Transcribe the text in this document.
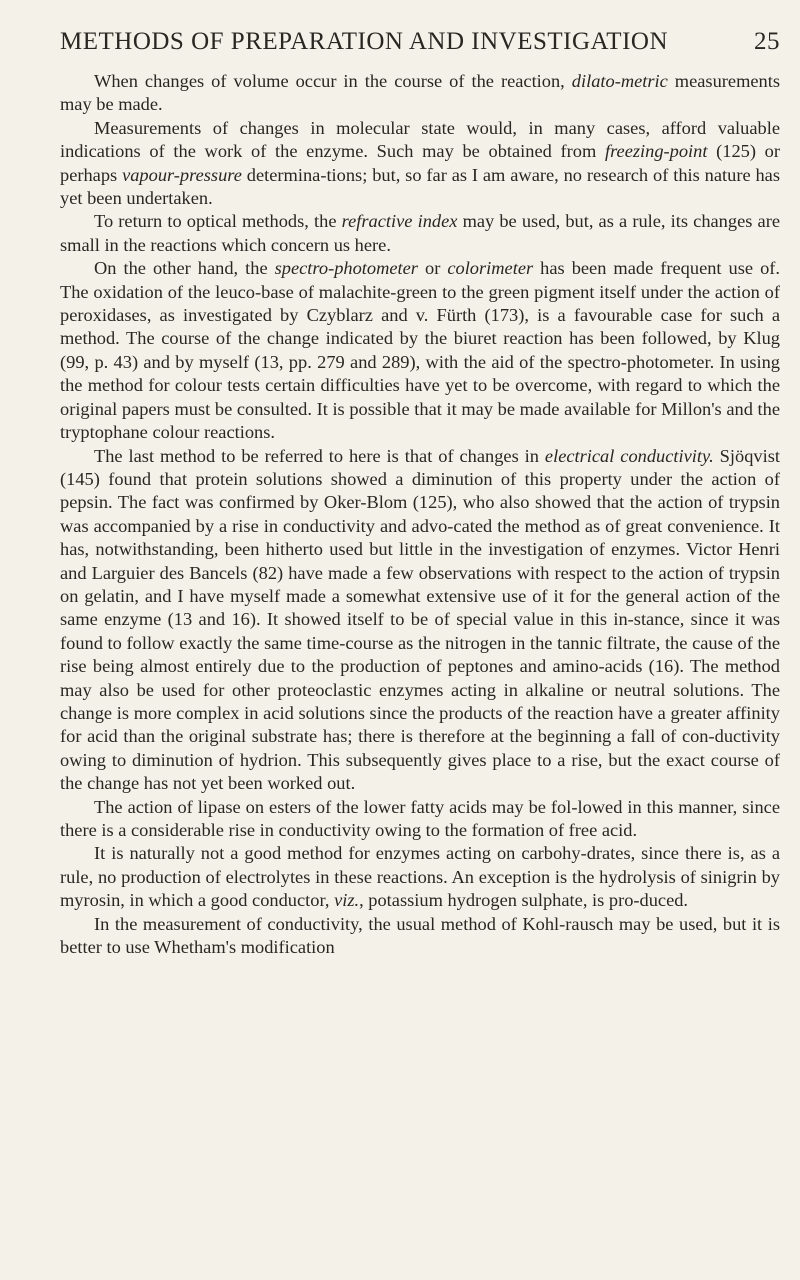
METHODS OF PREPARATION AND INVESTIGATION	25

When changes of volume occur in the course of the reaction, dilato-metric measurements may be made.

Measurements of changes in molecular state would, in many cases, afford valuable indications of the work of the enzyme. Such may be obtained from freezing-point (125) or perhaps vapour-pressure determina-tions; but, so far as I am aware, no research of this nature has yet been undertaken.

To return to optical methods, the refractive index may be used, but, as a rule, its changes are small in the reactions which concern us here.

On the other hand, the spectro-photometer or colorimeter has been made frequent use of. The oxidation of the leuco-base of malachite-green to the green pigment itself under the action of peroxidases, as investigated by Czyblarz and v. Fürth (173), is a favourable case for such a method. The course of the change indicated by the biuret reaction has been followed, by Klug (99, p. 43) and by myself (13, pp. 279 and 289), with the aid of the spectro-photometer. In using the method for colour tests certain difficulties have yet to be overcome, with regard to which the original papers must be consulted. It is possible that it may be made available for Millon's and the tryptophane colour reactions.

The last method to be referred to here is that of changes in electrical conductivity. Sjöqvist (145) found that protein solutions showed a diminution of this property under the action of pepsin. The fact was confirmed by Oker-Blom (125), who also showed that the action of trypsin was accompanied by a rise in conductivity and advo-cated the method as of great convenience. It has, notwithstanding, been hitherto used but little in the investigation of enzymes. Victor Henri and Larguier des Bancels (82) have made a few observations with respect to the action of trypsin on gelatin, and I have myself made a somewhat extensive use of it for the general action of the same enzyme (13 and 16). It showed itself to be of special value in this in-stance, since it was found to follow exactly the same time-course as the nitrogen in the tannic filtrate, the cause of the rise being almost entirely due to the production of peptones and amino-acids (16). The method may also be used for other proteoclastic enzymes acting in alkaline or neutral solutions. The change is more complex in acid solutions since the products of the reaction have a greater affinity for acid than the original substrate has; there is therefore at the beginning a fall of con-ductivity owing to diminution of hydrion. This subsequently gives place to a rise, but the exact course of the change has not yet been worked out.

The action of lipase on esters of the lower fatty acids may be fol-lowed in this manner, since there is a considerable rise in conductivity owing to the formation of free acid.

It is naturally not a good method for enzymes acting on carbohy-drates, since there is, as a rule, no production of electrolytes in these reactions. An exception is the hydrolysis of sinigrin by myrosin, in which a good conductor, viz., potassium hydrogen sulphate, is pro-duced.

In the measurement of conductivity, the usual method of Kohl-rausch may be used, but it is better to use Whetham's modification
